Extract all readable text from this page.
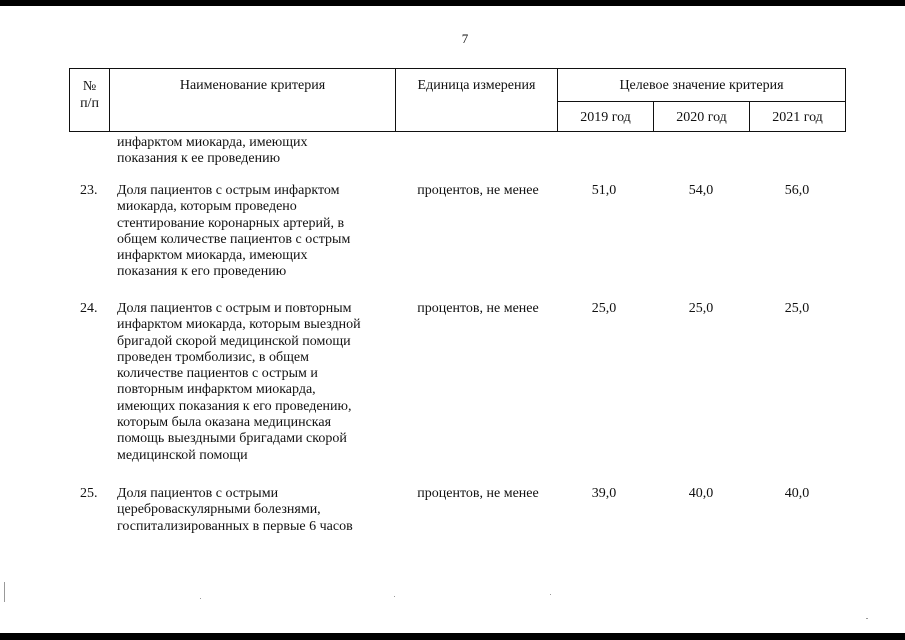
7
№
п/п
Наименование критерия	Единица измерения	Целевое значение критерия
2019 год	2020 год	2021 год
инфарктом миокарда, имеющих
показания к ее проведению
23.	Доля пациентов с острым инфарктом
миокарда, которым проведено
стентирование коронарных артерий, в
общем количестве пациентов с острым
инфарктом миокарда, имеющих
показания к его проведению
процентов, не менее	51,0	54,0	56,0
24.	Доля пациентов с острым и повторным
инфарктом миокарда, которым выездной
бригадой скорой медицинской помощи
проведен тромболизис, в общем
количестве пациентов с острым и
повторным инфарктом миокарда,
имеющих показания к его проведению,
которым была оказана медицинская
помощь выездными бригадами скорой
медицинской помощи
процентов, не менее	25,0	25,0	25,0
25.	Доля пациентов с острыми
цереброваскулярными болезнями,
госпитализированных в первые 6 часов
процентов, не менее	39,0	40,0	40,0
